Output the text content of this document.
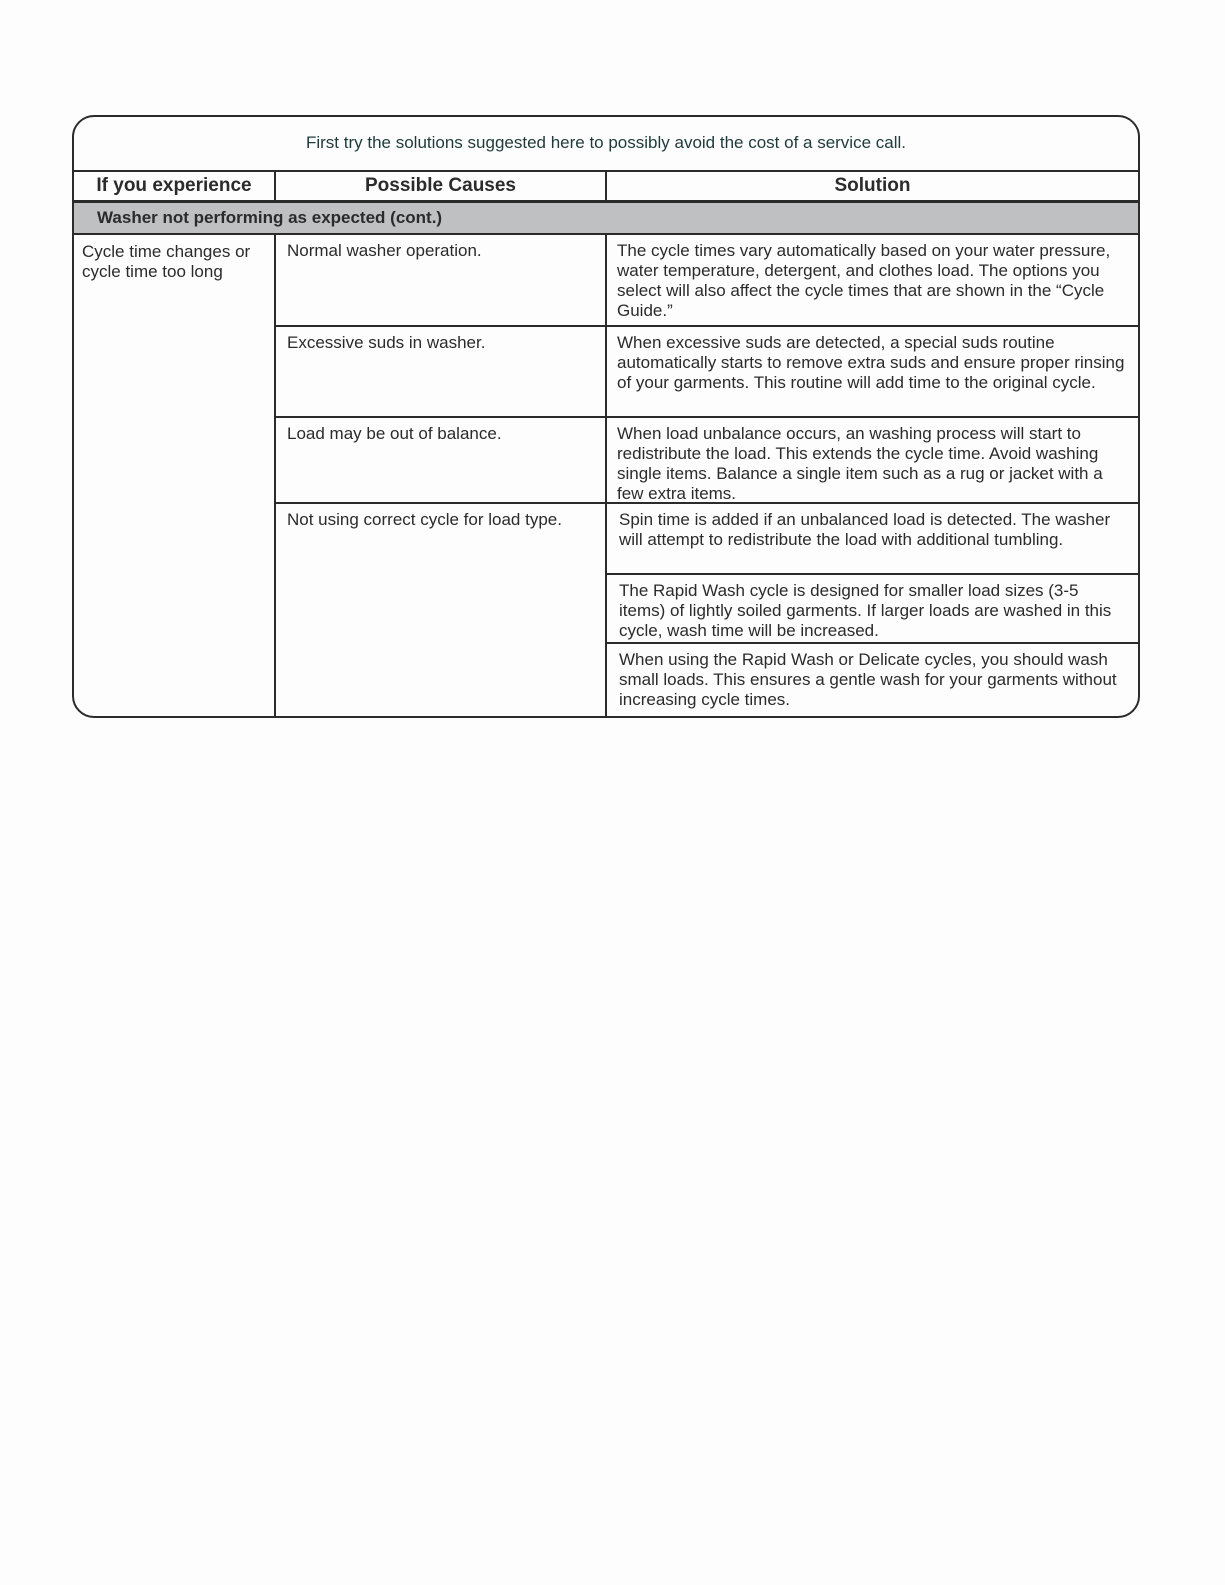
First try the solutions suggested here to possibly avoid the cost of a service call.
If you experience	Possible Causes	Solution
Washer not performing as expected (cont.)
Cycle time changes or cycle time too long
Normal washer operation.	The cycle times vary automatically based on your water pressure, water temperature, detergent, and clothes load. The options you select will also affect the cycle times that are shown in the “Cycle Guide.”
Excessive suds in washer.	When excessive suds are detected, a special suds routine automatically starts to remove extra suds and ensure proper rinsing of your garments. This routine will add time to the original cycle.
Load may be out of balance.	When load unbalance occurs, an washing process will start to redistribute the load. This extends the cycle time. Avoid washing single items. Balance a single item such as a rug or jacket with a few extra items.
Not using correct cycle for load type.	Spin time is added if an unbalanced load is detected. The washer will attempt to redistribute the load with additional tumbling.
The Rapid Wash cycle is designed for smaller load sizes (3-5 items) of lightly soiled garments. If larger loads are washed in this cycle, wash time will be increased.
When using the Rapid Wash or Delicate cycles, you should wash small loads. This ensures a gentle wash for your garments without increasing cycle times.
